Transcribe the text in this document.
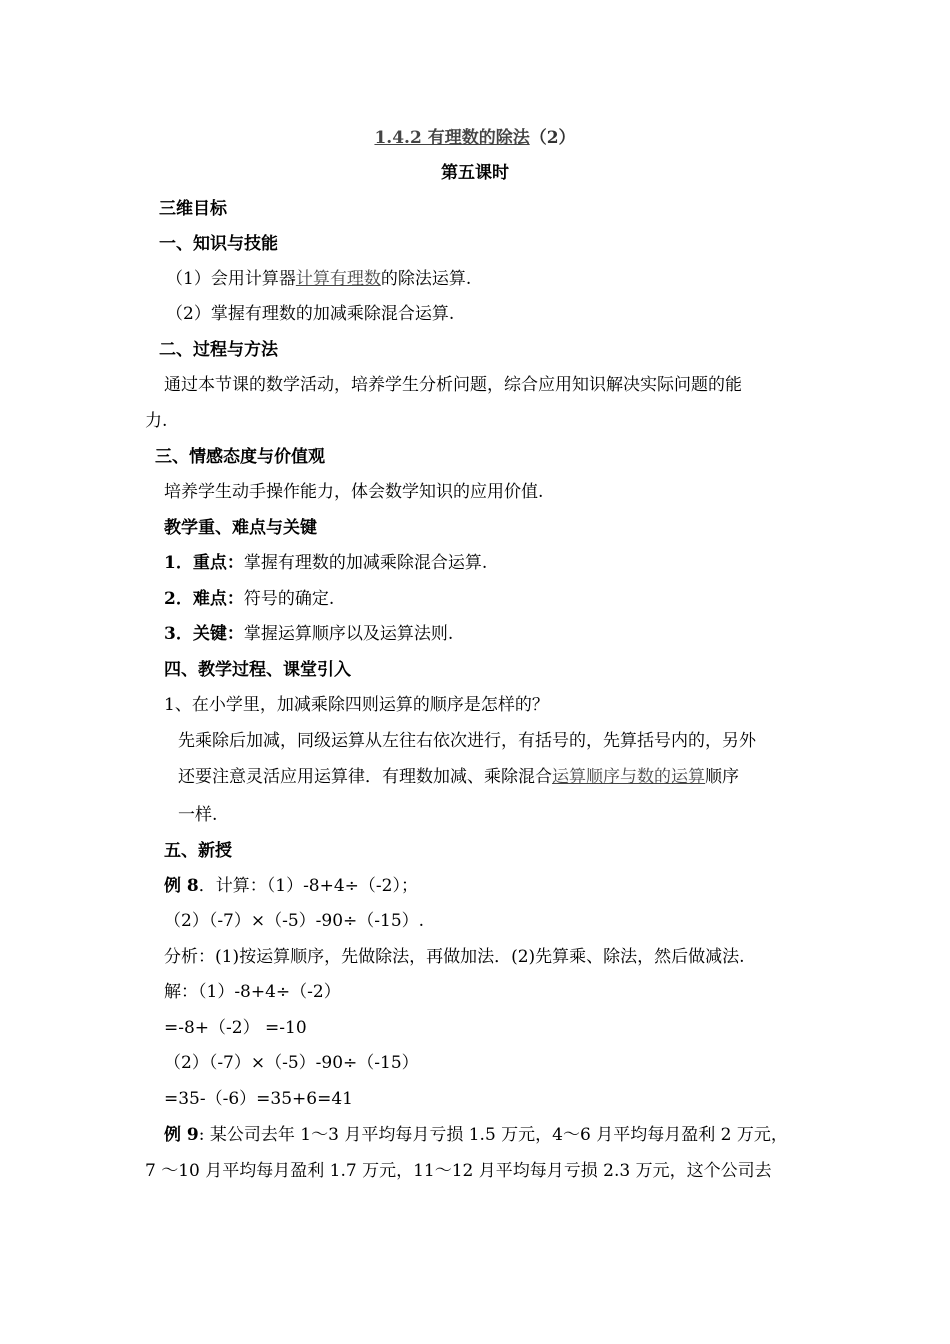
1.4.2 有理数的除法（2）
第五课时
三维目标
一、知识与技能
（1）会用计算器计算有理数的除法运算.
（2）掌握有理数的加减乘除混合运算.
二、过程与方法
通过本节课的数学活动，培养学生分析问题，综合应用知识解决实际问题的能
力.
三、情感态度与价值观
培养学生动手操作能力，体会数学知识的应用价值.
教学重、难点与关键
1．重点：掌握有理数的加减乘除混合运算.
2．难点：符号的确定.
3．关键：掌握运算顺序以及运算法则.
四、教学过程、课堂引入
1、在小学里，加减乘除四则运算的顺序是怎样的？
先乘除后加减，同级运算从左往右依次进行，有括号的，先算括号内的，另外
还要注意灵活应用运算律．有理数加减、乘除混合运算顺序与数的运算顺序
一样.
五、新授
例 8．计算：（1）-8+4÷（-2）；
（2）（-7）×（-5）-90÷（-15）.
分析：(1)按运算顺序，先做除法，再做加法．(2)先算乘、除法，然后做减法.
解：（1）-8+4÷（-2）
=-8+（-2） =-10
（2）（-7）×（-5）-90÷（-15）
=35-（-6）=35+6=41
例 9: 某公司去年 1～3 月平均每月亏损 1.5 万元，4～6 月平均每月盈利 2 万元，
7 ～10 月平均每月盈利 1.7 万元，11～12 月平均每月亏损 2.3 万元，这个公司去
